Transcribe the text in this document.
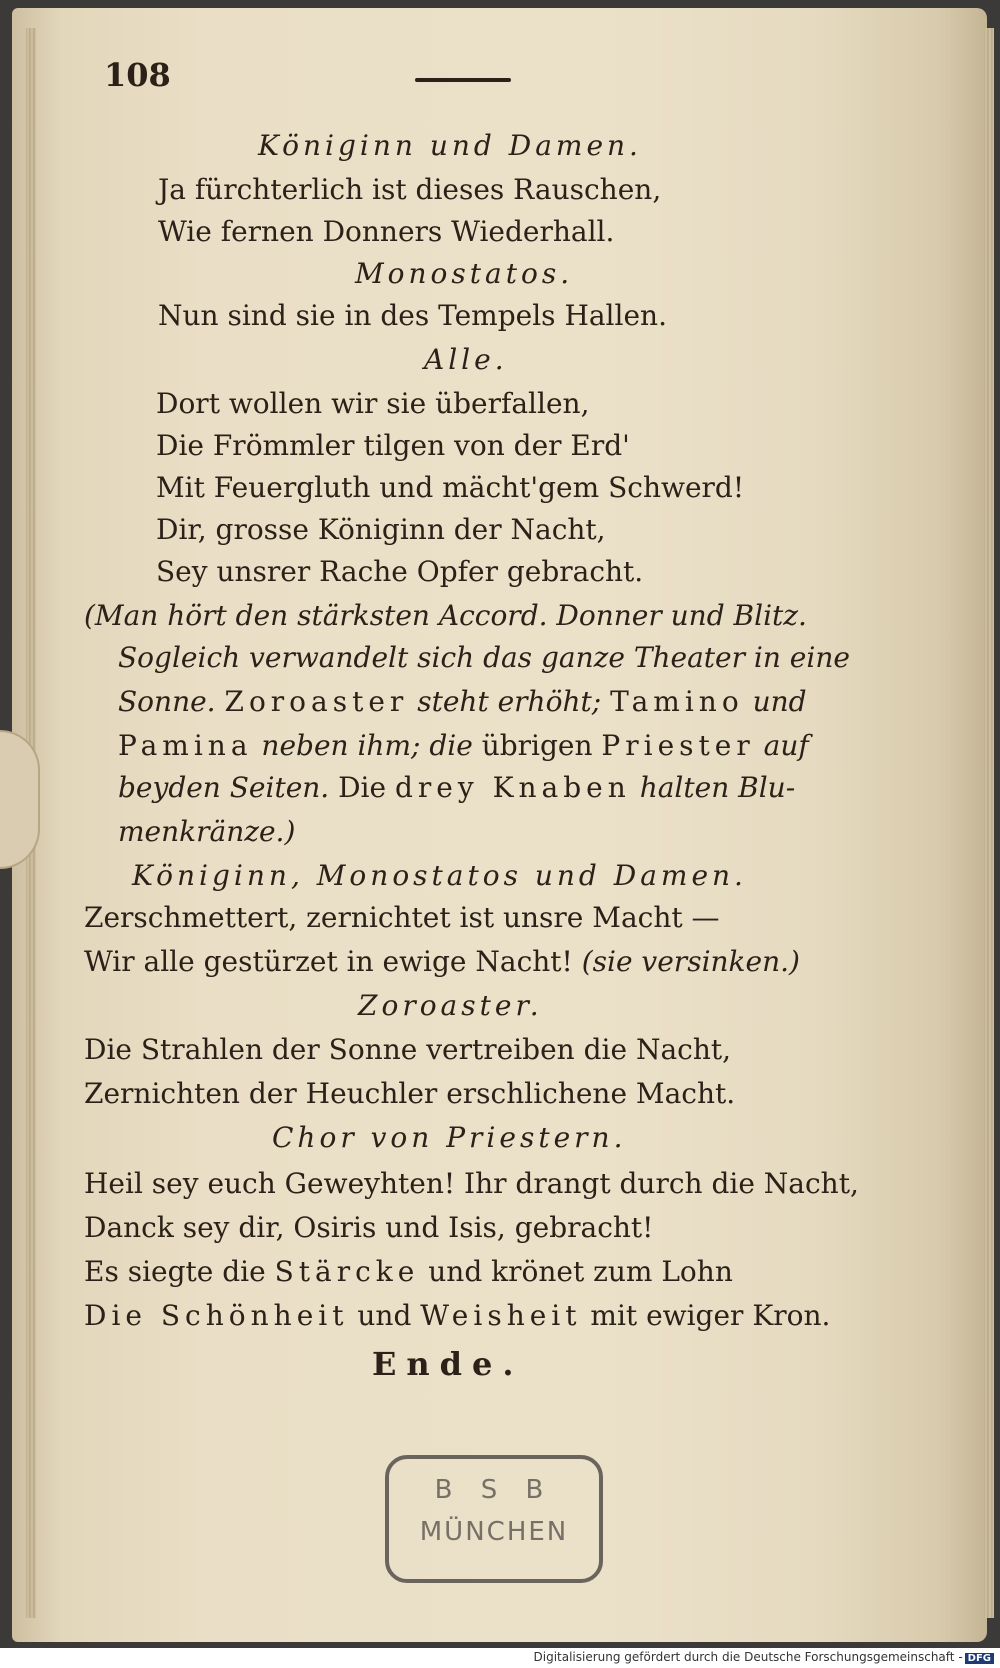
108
Königinn und Damen.
Ja fürchterlich ist dieses Rauschen,
Wie fernen Donners Wiederhall.
Monostatos.
Nun sind sie in des Tempels Hallen.
Alle.
Dort wollen wir sie überfallen,
Die Frömmler tilgen von der Erd'
Mit Feuergluth und mächt'gem Schwerd!
Dir, grosse Königinn der Nacht,
Sey unsrer Rache Opfer gebracht.
(Man hört den stärksten Accord. Donner und Blitz.
Sogleich verwandelt sich das ganze Theater in eine
Sonne. Zoroaster steht erhöht; Tamino und
Pamina neben ihm; die übrigen Priester auf
beyden Seiten. Die drey Knaben halten Blu-
menkränze.)
Königinn, Monostatos und Damen.
Zerschmettert, zernichtet ist unsre Macht —
Wir alle gestürzet in ewige Nacht! (sie versinken.)
Zoroaster.
Die Strahlen der Sonne vertreiben die Nacht,
Zernichten der Heuchler erschlichene Macht.
Chor von Priestern.
Heil sey euch Geweyhten! Ihr drangt durch die Nacht,
Danck sey dir, Osiris und Isis, gebracht!
Es siegte die Stärcke und krönet zum Lohn
Die Schönheit und Weisheit mit ewiger Kron.
Ende.
B S B
MÜNCHEN
Digitalisierung gefördert durch die Deutsche Forschungsgemeinschaft - DFG
